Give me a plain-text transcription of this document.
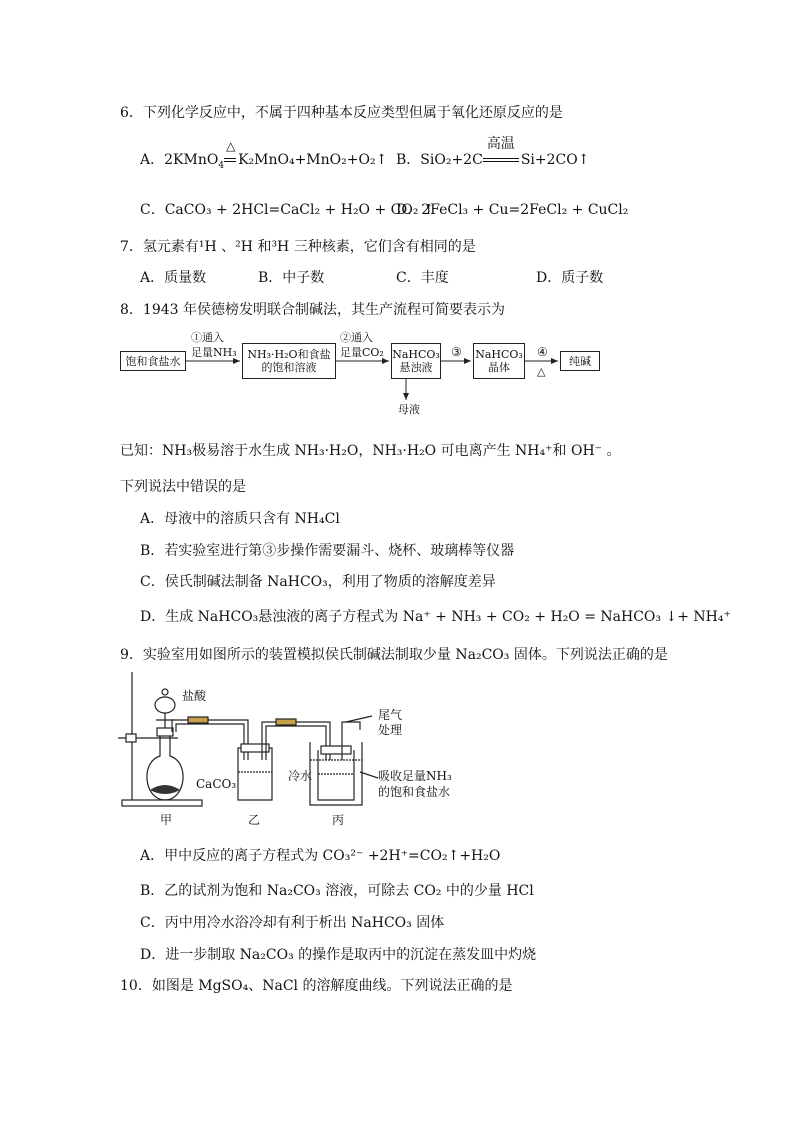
6．下列化学反应中，不属于四种基本反应类型但属于氧化还原反应的是
A．2KMnO$_4$
△
K₂MnO₄+MnO₂+O₂↑ B．SiO₂+2C
高温
Si+2CO↑
C．CaCO₃ + 2HCl=CaCl₂ + H₂O + CO₂ ↑
D．2FeCl₃ + Cu=2FeCl₂ + CuCl₂
7．氢元素有¹H 、²H 和³H 三种核素，它们含有相同的是
A．质量数	B．中子数	C．丰度	D．质子数
8．1943 年侯德榜发明联合制碱法，其生产流程可简要表示为
饱和食盐水
①通入
足量NH₃ NH₃·H₂O和食盐
的饱和溶液
②通入
足量CO₂ NaHCO₃
悬浊液
③ NaHCO₃
晶体
④
△
纯碱
母液
已知：NH₃极易溶于水生成 NH₃·H₂O，NH₃·H₂O 可电离产生 NH₄⁺和 OH⁻ 。
下列说法中错误的是
A．母液中的溶质只含有 NH₄Cl
B．若实验室进行第③步操作需要漏斗、烧杯、玻璃棒等仪器
C．侯氏制碱法制备 NaHCO₃，利用了物质的溶解度差异
D．生成 NaHCO₃悬浊液的离子方程式为 Na⁺ + NH₃ + CO₂ + H₂O = NaHCO₃ ↓+ NH₄⁺
9．实验室用如图所示的装置模拟侯氏制碱法制取少量 Na₂CO₃ 固体。下列说法正确的是
盐酸
CaCO₃
尾气
处理
冷水	吸收足量NH₃
的饱和食盐水
甲	乙	丙
A．甲中反应的离子方程式为 CO₃²⁻ +2H⁺=CO₂↑+H₂O
B．乙的试剂为饱和 Na₂CO₃ 溶液，可除去 CO₂ 中的少量 HCl
C．丙中用冷水浴冷却有利于析出 NaHCO₃ 固体
D．进一步制取 Na₂CO₃ 的操作是取丙中的沉淀在蒸发皿中灼烧
10．如图是 MgSO₄、NaCl 的溶解度曲线。下列说法正确的是
